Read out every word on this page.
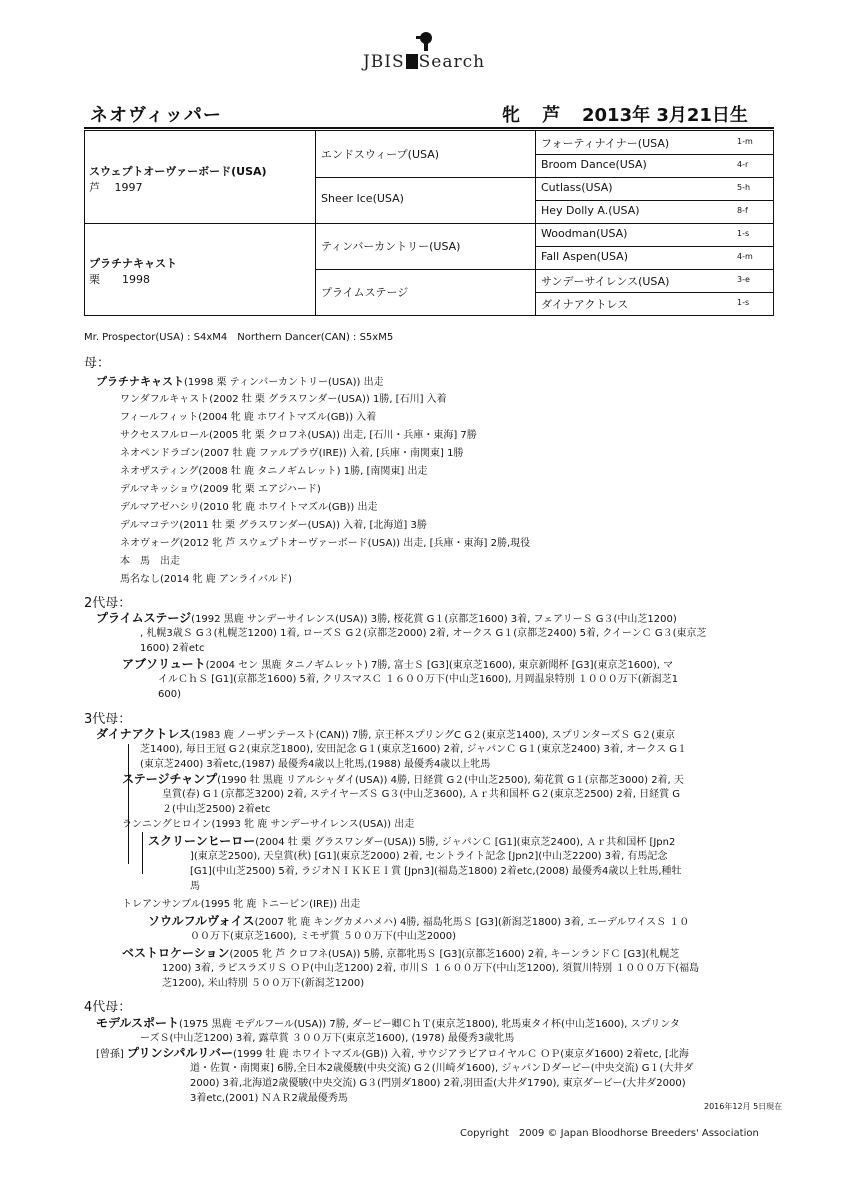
JBIS Search
ネオヴィッパー	牝 芦 2013年 3月21日生
スウェプトオーヴァーボード(USA)
芦　 1997
プラチナキャスト
栗　　1998
エンドスウィープ(USA)
Sheer Ice(USA)
ティンバーカントリー(USA)
プライムステージ
フォーティナイナー(USA)
Broom Dance(USA)
Cutlass(USA)
Hey Dolly A.(USA)
Woodman(USA)
Fall Aspen(USA)
サンデーサイレンス(USA)
ダイナアクトレス
1-m
4-r
5-h
8-f
1-s
4-m
3-e
1-s
Mr. Prospector(USA) : S4xM4　Northern Dancer(CAN) : S5xM5
母：
プラチナキャスト(1998 栗 ティンバーカントリー(USA)) 出走
ワンダフルキャスト(2002 牡 栗 グラスワンダー(USA)) 1勝, [石川] 入着
フィールフィット(2004 牝 鹿 ホワイトマズル(GB)) 入着
サクセスフルロール(2005 牝 栗 クロフネ(USA)) 出走, [石川・兵庫・東海] 7勝
ネオペンドラゴン(2007 牡 鹿 ファルブラヴ(IRE)) 入着, [兵庫・南関東] 1勝
ネオザスティング(2008 牡 鹿 タニノギムレット) 1勝, [南関東] 出走
デルマキッショウ(2009 牝 栗 エアジハード)
デルマアゼハシリ(2010 牝 鹿 ホワイトマズル(GB)) 出走
デルマコテツ(2011 牡 栗 グラスワンダー(USA)) 入着, [北海道] 3勝
ネオヴォーグ(2012 牝 芦 スウェプトオーヴァーボード(USA)) 出走, [兵庫・東海] 2勝,現役
本　馬　出走
馬名なし(2014 牝 鹿 アンライバルド)
2代母：
プライムステージ(1992 黒鹿 サンデーサイレンス(USA)) 3勝, 桜花賞 G１(京都芝1600) 3着, フェアリーＳ G３(中山芝1200)
, 札幌3歳Ｓ G３(札幌芝1200) 1着, ローズＳ G２(京都芝2000) 2着, オークス G１(京都芝2400) 5着, クイーンＣ G３(東京芝
1600) 2着etc
アブソリュート(2004 セン 黒鹿 タニノギムレット) 7勝, 富士Ｓ [G3](東京芝1600), 東京新聞杯 [G3](東京芝1600), マ
イルＣｈＳ [G1](京都芝1600) 5着, クリスマスＣ １６００万下(中山芝1600), 月岡温泉特別 １０００万下(新潟芝1
600)
3代母：
ダイナアクトレス(1983 鹿 ノーザンテースト(CAN)) 7勝, 京王杯スプリングC G２(東京芝1400), スプリンターズＳ G２(東京
芝1400), 毎日王冠 G２(東京芝1800), 安田記念 G１(東京芝1600) 2着, ジャパンＣ G１(東京芝2400) 3着, オークス G１
(東京芝2400) 3着etc,(1987) 最優秀4歳以上牝馬,(1988) 最優秀4歳以上牝馬
ステージチャンプ(1990 牡 黒鹿 リアルシャダイ(USA)) 4勝, 日経賞 G２(中山芝2500), 菊花賞 G１(京都芝3000) 2着, 天
皇賞(春) G１(京都芝3200) 2着, ステイヤーズＳ G３(中山芝3600), Ａｒ共和国杯 G２(東京芝2500) 2着, 日経賞 G
２(中山芝2500) 2着etc
ランニングヒロイン(1993 牝 鹿 サンデーサイレンス(USA)) 出走
スクリーンヒーロー(2004 牡 栗 グラスワンダー(USA)) 5勝, ジャパンＣ [G1](東京芝2400), Ａｒ共和国杯 [Jpn2
](東京芝2500), 天皇賞(秋) [G1](東京芝2000) 2着, セントライト記念 [Jpn2](中山芝2200) 3着, 有馬記念
[G1](中山芝2500) 5着, ラジオＮＩＫＫＥＩ賞 [Jpn3](福島芝1800) 2着etc,(2008) 最優秀4歳以上牡馬,種牡
馬
トレアンサンブル(1995 牝 鹿 トニービン(IRE)) 出走
ソウルフルヴォイス(2007 牝 鹿 キングカメハメハ) 4勝, 福島牝馬Ｓ [G3](新潟芝1800) 3着, エーデルワイスＳ １０
００万下(東京芝1600), ミモザ賞 ５００万下(中山芝2000)
ベストロケーション(2005 牝 芦 クロフネ(USA)) 5勝, 京都牝馬Ｓ [G3](京都芝1600) 2着, キーンランドＣ [G3](札幌芝
1200) 3着, ラピスラズリＳ ＯＰ(中山芝1200) 2着, 市川Ｓ １６００万下(中山芝1200), 須賀川特別 １０００万下(福島
芝1200), 米山特別 ５００万下(新潟芝1200)
4代母：
モデルスポート(1975 黒鹿 モデルフール(USA)) 7勝, ダービー卿ＣｈＴ(東京芝1800), 牝馬東タイ杯(中山芝1600), スプリンタ
ーズＳ(中山芝1200) 3着, 露草賞 ３００万下(東京芝1600), (1978) 最優秀3歳牝馬
[曾孫] プリンシパルリバー(1999 牡 鹿 ホワイトマズル(GB)) 入着, サウジアラビアロイヤルＣ ＯＰ(東京ダ1600) 2着etc, [北海
道・佐賀・南関東] 6勝,全日本2歳優駿(中央交流) G２(川崎ダ1600), ジャパンＤダービー(中央交流) G１(大井ダ
2000) 3着,北海道2歳優駿(中央交流) G３(門別ダ1800) 2着,羽田盃(大井ダ1790), 東京ダービー(大井ダ2000)
3着etc,(2001) ＮＡＲ2歳最優秀馬
2016年12月 5日現在
Copyright　2009 © Japan Bloodhorse Breeders' Association
